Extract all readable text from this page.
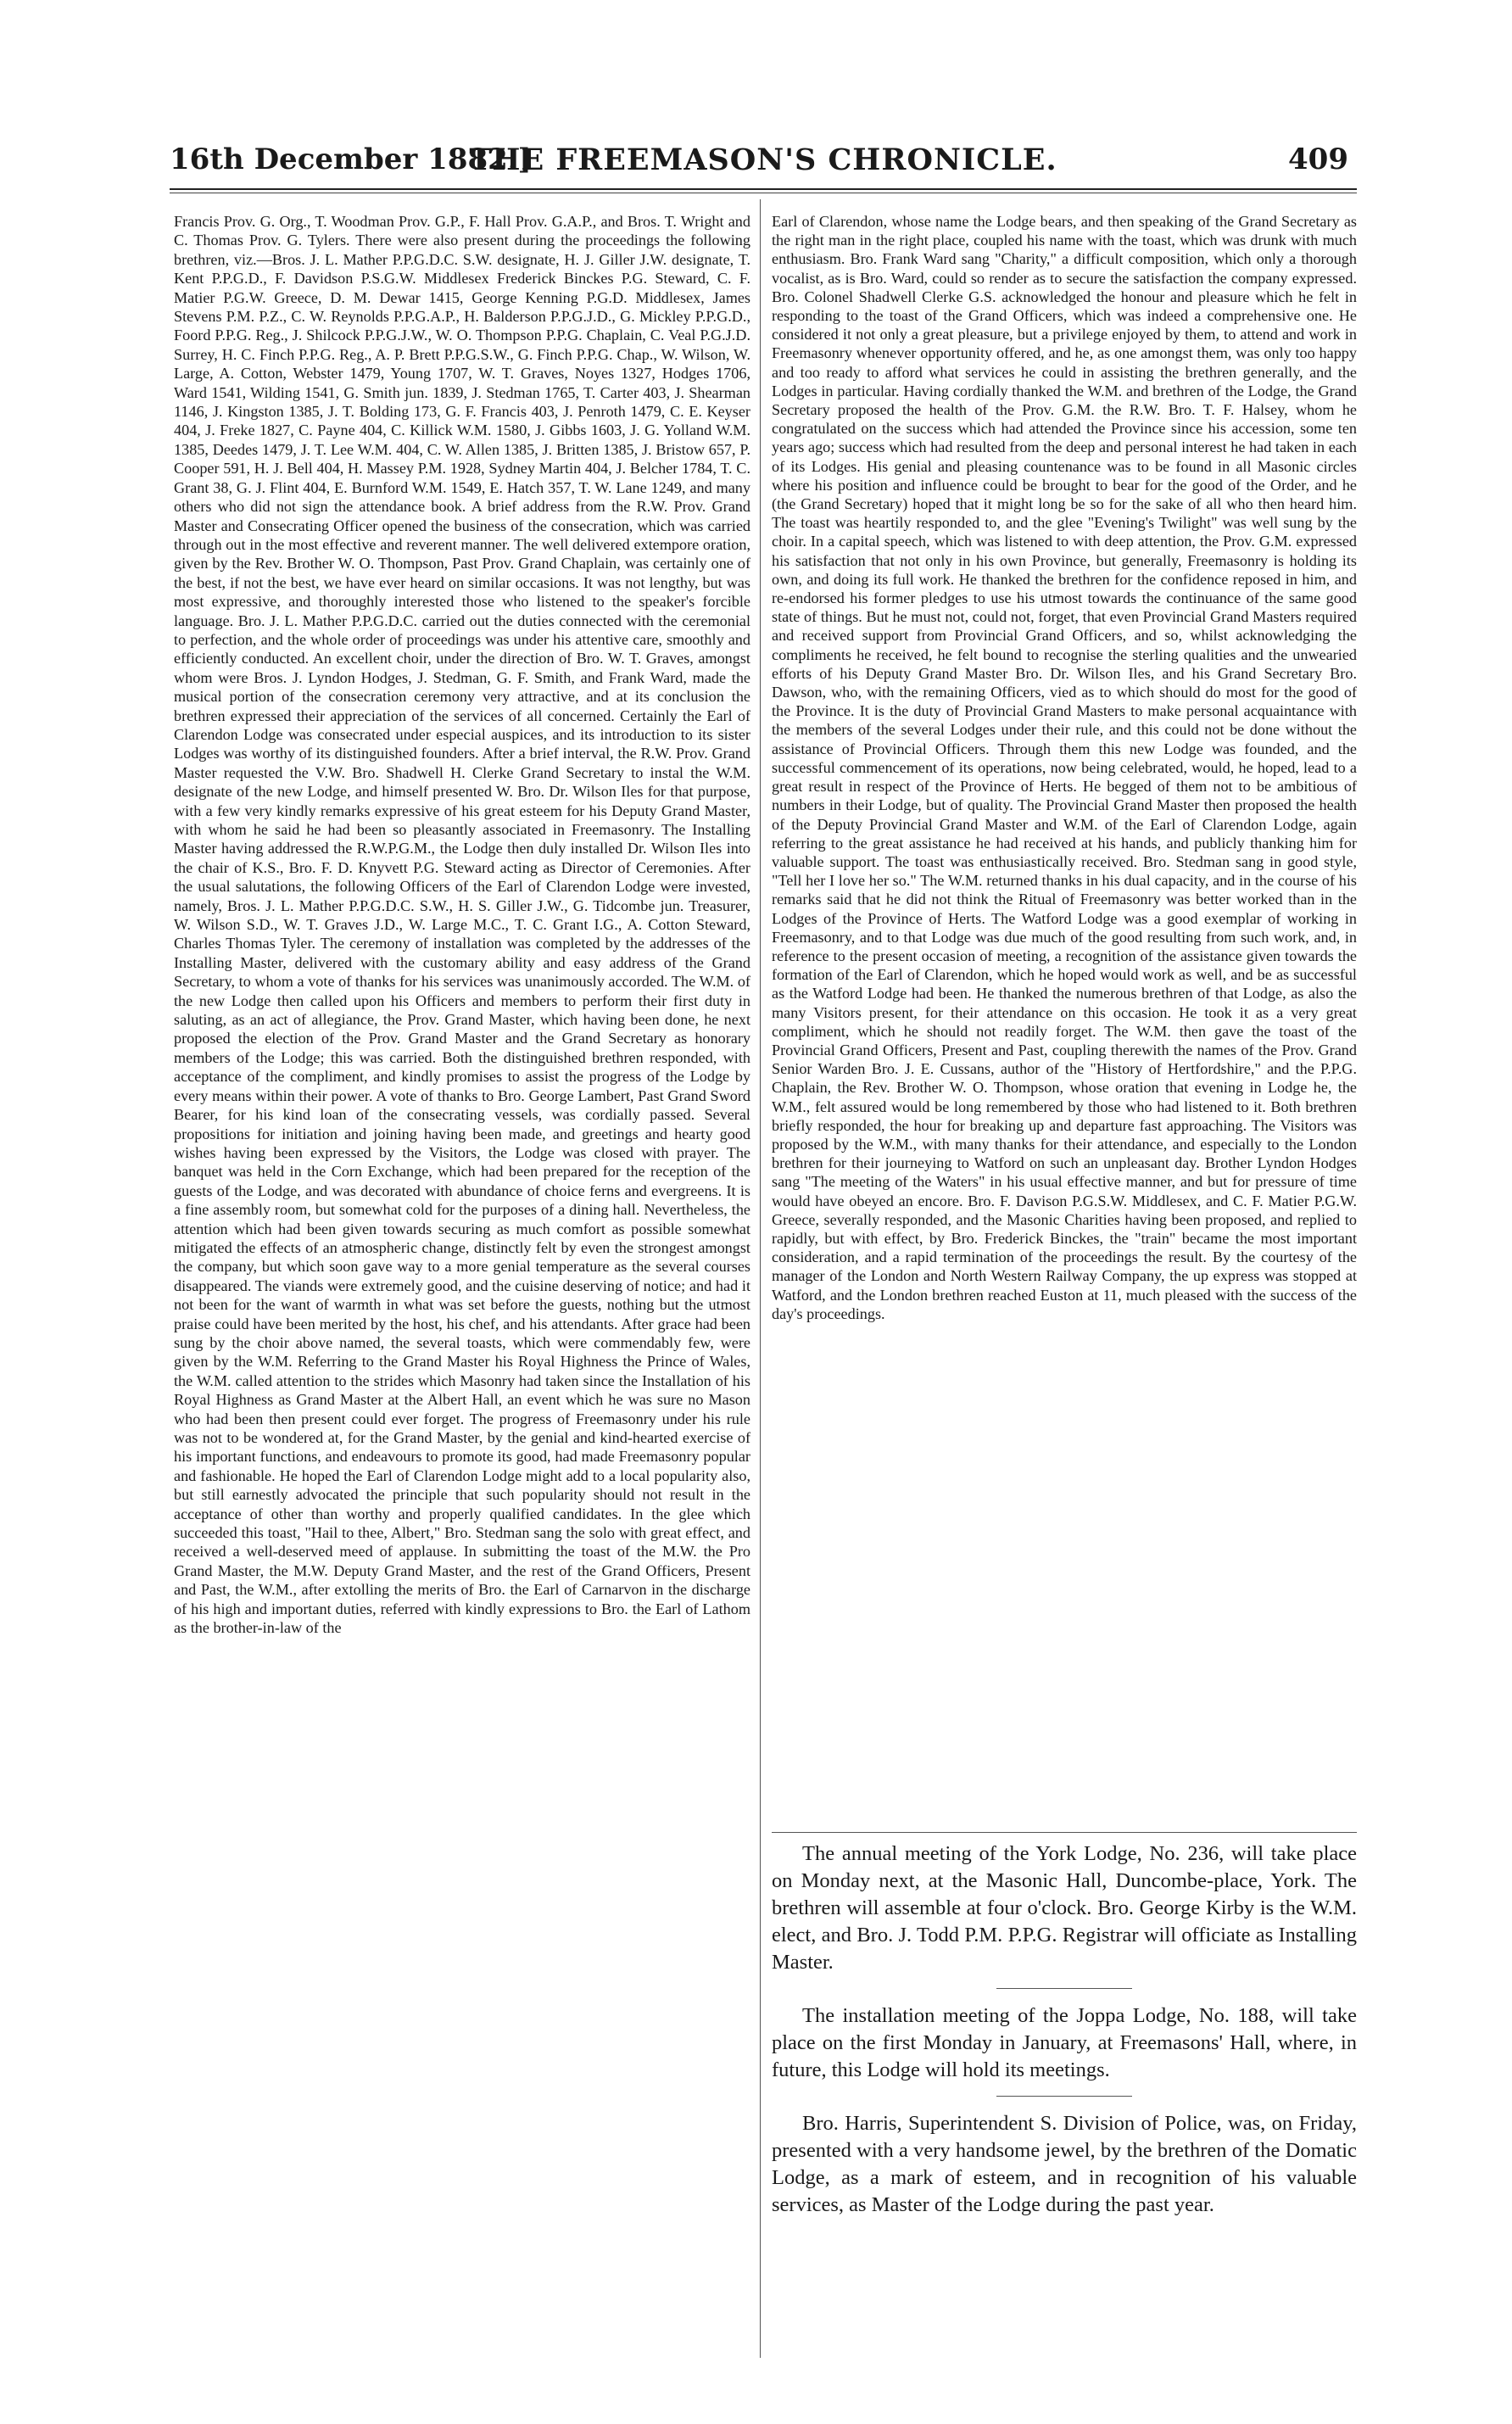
16th December 1882.]
THE FREEMASON'S CHRONICLE.	409

Francis Prov. G. Org., T. Woodman Prov. G.P., F. Hall Prov. G.A.P., and Bros. T. Wright and C. Thomas Prov. G. Tylers. There were also present during the proceedings the following brethren, viz.—Bros. J. L. Mather P.P.G.D.C. S.W. designate, H. J. Giller J.W. designate, T. Kent P.P.G.D., F. Davidson P.S.G.W. Middlesex Frederick Binckes P.G. Steward, C. F. Matier P.G.W. Greece, D. M. Dewar 1415, George Kenning P.G.D. Middlesex, James Stevens P.M. P.Z., C. W. Reynolds P.P.G.A.P., H. Balderson P.P.G.J.D., G. Mickley P.P.G.D., Foord P.P.G. Reg., J. Shilcock P.P.G.J.W., W. O. Thompson P.P.G. Chaplain, C. Veal P.G.J.D. Surrey, H. C. Finch P.P.G. Reg., A. P. Brett P.P.G.S.W., G. Finch P.P.G. Chap., W. Wilson, W. Large, A. Cotton, Webster 1479, Young 1707, W. T. Graves, Noyes 1327, Hodges 1706, Ward 1541, Wilding 1541, G. Smith jun. 1839, J. Stedman 1765, T. Carter 403, J. Shearman 1146, J. Kingston 1385, J. T. Bolding 173, G. F. Francis 403, J. Penroth 1479, C. E. Keyser 404, J. Freke 1827, C. Payne 404, C. Killick W.M. 1580, J. Gibbs 1603, J. G. Yolland W.M. 1385, Deedes 1479, J. T. Lee W.M. 404, C. W. Allen 1385, J. Britten 1385, J. Bristow 657, P. Cooper 591, H. J. Bell 404, H. Massey P.M. 1928, Sydney Martin 404, J. Belcher 1784, T. C. Grant 38, G. J. Flint 404, E. Burnford W.M. 1549, E. Hatch 357, T. W. Lane 1249, and many others who did not sign the attendance book. A brief address from the R.W. Prov. Grand Master and Consecrating Officer opened the business of the consecration, which was carried through out in the most effective and reverent manner. The well delivered extempore oration, given by the Rev. Brother W. O. Thompson, Past Prov. Grand Chaplain, was certainly one of the best, if not the best, we have ever heard on similar occasions. It was not lengthy, but was most expressive, and thoroughly interested those who listened to the speaker's forcible language. Bro. J. L. Mather P.P.G.D.C. carried out the duties connected with the ceremonial to perfection, and the whole order of proceedings was under his attentive care, smoothly and efficiently conducted. An excellent choir, under the direction of Bro. W. T. Graves, amongst whom were Bros. J. Lyndon Hodges, J. Stedman, G. F. Smith, and Frank Ward, made the musical portion of the consecration ceremony very attractive, and at its conclusion the brethren expressed their appreciation of the services of all concerned. Certainly the Earl of Clarendon Lodge was consecrated under especial auspices, and its introduction to its sister Lodges was worthy of its distinguished founders. After a brief interval, the R.W. Prov. Grand Master requested the V.W. Bro. Shadwell H. Clerke Grand Secretary to instal the W.M. designate of the new Lodge, and himself presented W. Bro. Dr. Wilson Iles for that purpose, with a few very kindly remarks expressive of his great esteem for his Deputy Grand Master, with whom he said he had been so pleasantly associated in Freemasonry. The Installing Master having addressed the R.W.P.G.M., the Lodge then duly installed Dr. Wilson Iles into the chair of K.S., Bro. F. D. Knyvett P.G. Steward acting as Director of Ceremonies. After the usual salutations, the following Officers of the Earl of Clarendon Lodge were invested, namely, Bros. J. L. Mather P.P.G.D.C. S.W., H. S. Giller J.W., G. Tidcombe jun. Treasurer, W. Wilson S.D., W. T. Graves J.D., W. Large M.C., T. C. Grant I.G., A. Cotton Steward, Charles Thomas Tyler. The ceremony of installation was completed by the addresses of the Installing Master, delivered with the customary ability and easy address of the Grand Secretary, to whom a vote of thanks for his services was unanimously accorded. The W.M. of the new Lodge then called upon his Officers and members to perform their first duty in saluting, as an act of allegiance, the Prov. Grand Master, which having been done, he next proposed the election of the Prov. Grand Master and the Grand Secretary as honorary members of the Lodge; this was carried. Both the distinguished brethren responded, with acceptance of the compliment, and kindly promises to assist the progress of the Lodge by every means within their power. A vote of thanks to Bro. George Lambert, Past Grand Sword Bearer, for his kind loan of the consecrating vessels, was cordially passed. Several propositions for initiation and joining having been made, and greetings and hearty good wishes having been expressed by the Visitors, the Lodge was closed with prayer. The banquet was held in the Corn Exchange, which had been prepared for the reception of the guests of the Lodge, and was decorated with abundance of choice ferns and evergreens. It is a fine assembly room, but somewhat cold for the purposes of a dining hall. Nevertheless, the attention which had been given towards securing as much comfort as possible somewhat mitigated the effects of an atmospheric change, distinctly felt by even the strongest amongst the company, but which soon gave way to a more genial temperature as the several courses disappeared. The viands were extremely good, and the cuisine deserving of notice; and had it not been for the want of warmth in what was set before the guests, nothing but the utmost praise could have been merited by the host, his chef, and his attendants. After grace had been sung by the choir above named, the several toasts, which were commendably few, were given by the W.M. Referring to the Grand Master his Royal Highness the Prince of Wales, the W.M. called attention to the strides which Masonry had taken since the Installation of his Royal Highness as Grand Master at the Albert Hall, an event which he was sure no Mason who had been then present could ever forget. The progress of Freemasonry under his rule was not to be wondered at, for the Grand Master, by the genial and kind-hearted exercise of his important functions, and endeavours to promote its good, had made Freemasonry popular and fashionable. He hoped the Earl of Clarendon Lodge might add to a local popularity also, but still earnestly advocated the principle that such popularity should not result in the acceptance of other than worthy and properly qualified candidates. In the glee which succeeded this toast, "Hail to thee, Albert," Bro. Stedman sang the solo with great effect, and received a well-deserved meed of applause. In submitting the toast of the M.W. the Pro Grand Master, the M.W. Deputy Grand Master, and the rest of the Grand Officers, Present and Past, the W.M., after extolling the merits of Bro. the Earl of Carnarvon in the discharge of his high and important duties, referred with kindly expressions to Bro. the Earl of Lathom as the brother-in-law of the

Earl of Clarendon, whose name the Lodge bears, and then speaking of the Grand Secretary as the right man in the right place, coupled his name with the toast, which was drunk with much enthusiasm. Bro. Frank Ward sang "Charity," a difficult composition, which only a thorough vocalist, as is Bro. Ward, could so render as to secure the satisfaction the company expressed. Bro. Colonel Shadwell Clerke G.S. acknowledged the honour and pleasure which he felt in responding to the toast of the Grand Officers, which was indeed a comprehensive one. He considered it not only a great pleasure, but a privilege enjoyed by them, to attend and work in Freemasonry whenever opportunity offered, and he, as one amongst them, was only too happy and too ready to afford what services he could in assisting the brethren generally, and the Lodges in particular. Having cordially thanked the W.M. and brethren of the Lodge, the Grand Secretary proposed the health of the Prov. G.M. the R.W. Bro. T. F. Halsey, whom he congratulated on the success which had attended the Province since his accession, some ten years ago; success which had resulted from the deep and personal interest he had taken in each of its Lodges. His genial and pleasing countenance was to be found in all Masonic circles where his position and influence could be brought to bear for the good of the Order, and he (the Grand Secretary) hoped that it might long be so for the sake of all who then heard him. The toast was heartily responded to, and the glee "Evening's Twilight" was well sung by the choir. In a capital speech, which was listened to with deep attention, the Prov. G.M. expressed his satisfaction that not only in his own Province, but generally, Freemasonry is holding its own, and doing its full work. He thanked the brethren for the confidence reposed in him, and re-endorsed his former pledges to use his utmost towards the continuance of the same good state of things. But he must not, could not, forget, that even Provincial Grand Masters required and received support from Provincial Grand Officers, and so, whilst acknowledging the compliments he received, he felt bound to recognise the sterling qualities and the unwearied efforts of his Deputy Grand Master Bro. Dr. Wilson Iles, and his Grand Secretary Bro. Dawson, who, with the remaining Officers, vied as to which should do most for the good of the Province. It is the duty of Provincial Grand Masters to make personal acquaintance with the members of the several Lodges under their rule, and this could not be done without the assistance of Provincial Officers. Through them this new Lodge was founded, and the successful commencement of its operations, now being celebrated, would, he hoped, lead to a great result in respect of the Province of Herts. He begged of them not to be ambitious of numbers in their Lodge, but of quality. The Provincial Grand Master then proposed the health of the Deputy Provincial Grand Master and W.M. of the Earl of Clarendon Lodge, again referring to the great assistance he had received at his hands, and publicly thanking him for valuable support. The toast was enthusiastically received. Bro. Stedman sang in good style, "Tell her I love her so." The W.M. returned thanks in his dual capacity, and in the course of his remarks said that he did not think the Ritual of Freemasonry was better worked than in the Lodges of the Province of Herts. The Watford Lodge was a good exemplar of working in Freemasonry, and to that Lodge was due much of the good resulting from such work, and, in reference to the present occasion of meeting, a recognition of the assistance given towards the formation of the Earl of Clarendon, which he hoped would work as well, and be as successful as the Watford Lodge had been. He thanked the numerous brethren of that Lodge, as also the many Visitors present, for their attendance on this occasion. He took it as a very great compliment, which he should not readily forget. The W.M. then gave the toast of the Provincial Grand Officers, Present and Past, coupling therewith the names of the Prov. Grand Senior Warden Bro. J. E. Cussans, author of the "History of Hertfordshire," and the P.P.G. Chaplain, the Rev. Brother W. O. Thompson, whose oration that evening in Lodge he, the W.M., felt assured would be long remembered by those who had listened to it. Both brethren briefly responded, the hour for breaking up and departure fast approaching. The Visitors was proposed by the W.M., with many thanks for their attendance, and especially to the London brethren for their journeying to Watford on such an unpleasant day. Brother Lyndon Hodges sang "The meeting of the Waters" in his usual effective manner, and but for pressure of time would have obeyed an encore. Bro. F. Davison P.G.S.W. Middlesex, and C. F. Matier P.G.W. Greece, severally responded, and the Masonic Charities having been proposed, and replied to rapidly, but with effect, by Bro. Frederick Binckes, the "train" became the most important consideration, and a rapid termination of the proceedings the result. By the courtesy of the manager of the London and North Western Railway Company, the up express was stopped at Watford, and the London brethren reached Euston at 11, much pleased with the success of the day's proceedings.

The annual meeting of the York Lodge, No. 236, will take place on Monday next, at the Masonic Hall, Duncombe-place, York. The brethren will assemble at four o'clock. Bro. George Kirby is the W.M. elect, and Bro. J. Todd P.M. P.P.G. Registrar will officiate as Installing Master.

The installation meeting of the Joppa Lodge, No. 188, will take place on the first Monday in January, at Freemasons' Hall, where, in future, this Lodge will hold its meetings.

Bro. Harris, Superintendent S. Division of Police, was, on Friday, presented with a very handsome jewel, by the brethren of the Domatic Lodge, as a mark of esteem, and in recognition of his valuable services, as Master of the Lodge during the past year.
